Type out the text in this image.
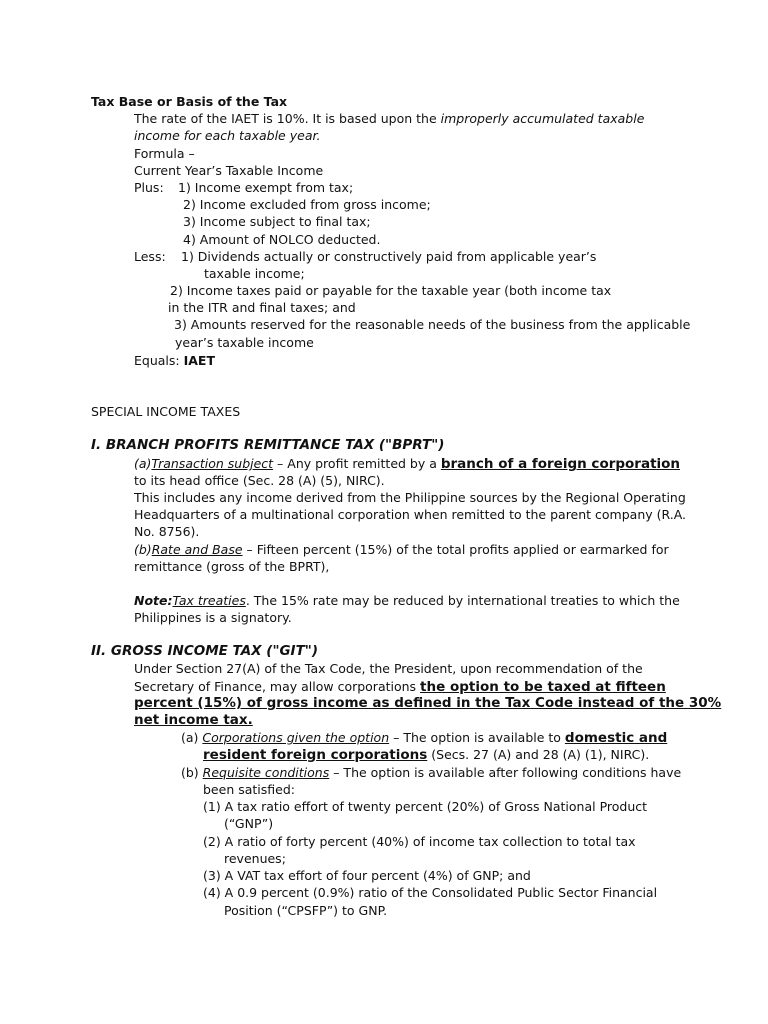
Tax Base or Basis of the Tax
The rate of the IAET is 10%. It is based upon the improperly accumulated taxable
income for each taxable year.
Formula –
Current Year’s Taxable Income
Plus: 1) Income exempt from tax;
2) Income excluded from gross income;
3) Income subject to final tax;
4) Amount of NOLCO deducted.
Less: 1) Dividends actually or constructively paid from applicable year’s
taxable income;
2) Income taxes paid or payable for the taxable year (both income tax
in the ITR and final taxes; and
3) Amounts reserved for the reasonable needs of the business from the applicable
year’s taxable income
Equals: IAET
SPECIAL INCOME TAXES
I. BRANCH PROFITS REMITTANCE TAX ("BPRT")
(a)Transaction subject – Any profit remitted by a branch of a foreign corporation
to its head office (Sec. 28 (A) (5), NIRC).
This includes any income derived from the Philippine sources by the Regional Operating
Headquarters of a multinational corporation when remitted to the parent company (R.A.
No. 8756).
(b)Rate and Base – Fifteen percent (15%) of the total profits applied or earmarked for
remittance (gross of the BPRT),
Note:Tax treaties. The 15% rate may be reduced by international treaties to which the
Philippines is a signatory.
II. GROSS INCOME TAX ("GIT")
Under Section 27(A) of the Tax Code, the President, upon recommendation of the
Secretary of Finance, may allow corporations the option to be taxed at fifteen
percent (15%) of gross income as defined in the Tax Code instead of the 30%
net income tax.
(a) Corporations given the option – The option is available to domestic and
resident foreign corporations (Secs. 27 (A) and 28 (A) (1), NIRC).
(b) Requisite conditions – The option is available after following conditions have
been satisfied:
(1) A tax ratio effort of twenty percent (20%) of Gross National Product
(“GNP”)
(2) A ratio of forty percent (40%) of income tax collection to total tax
revenues;
(3) A VAT tax effort of four percent (4%) of GNP; and
(4) A 0.9 percent (0.9%) ratio of the Consolidated Public Sector Financial
Position (“CPSFP”) to GNP.
